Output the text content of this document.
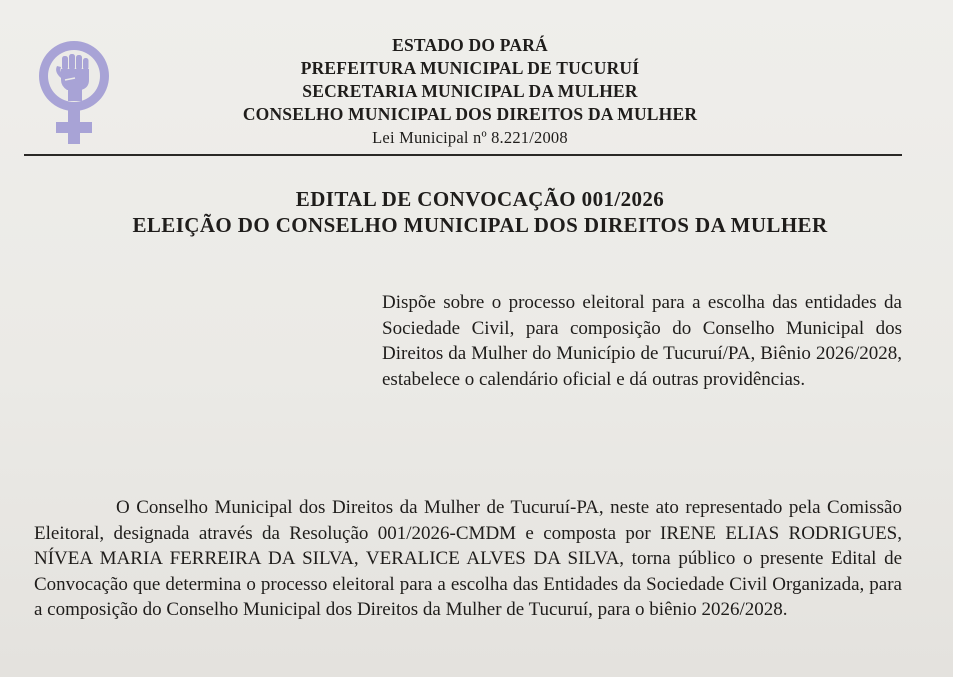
ESTADO DO PARÁ
PREFEITURA MUNICIPAL DE TUCURUÍ
SECRETARIA MUNICIPAL DA MULHER
CONSELHO MUNICIPAL DOS DIREITOS DA MULHER
Lei Municipal nº 8.221/2008
EDITAL DE CONVOCAÇÃO 001/2026
ELEIÇÃO DO CONSELHO MUNICIPAL DOS DIREITOS DA MULHER
Dispõe sobre o processo eleitoral para a escolha das entidades da Sociedade Civil, para composição do Conselho Municipal dos Direitos da Mulher do Município de Tucuruí/PA, Biênio 2026/2028, estabelece o calendário oficial e dá outras providências.
O Conselho Municipal dos Direitos da Mulher de Tucuruí-PA, neste ato representado pela Comissão Eleitoral, designada através da Resolução 001/2026-CMDM e composta por IRENE ELIAS RODRIGUES, NÍVEA MARIA FERREIRA DA SILVA, VERALICE ALVES DA SILVA, torna público o presente Edital de Convocação que determina o processo eleitoral para a escolha das Entidades da Sociedade Civil Organizada, para a composição do Conselho Municipal dos Direitos da Mulher de Tucuruí, para o biênio 2026/2028.
